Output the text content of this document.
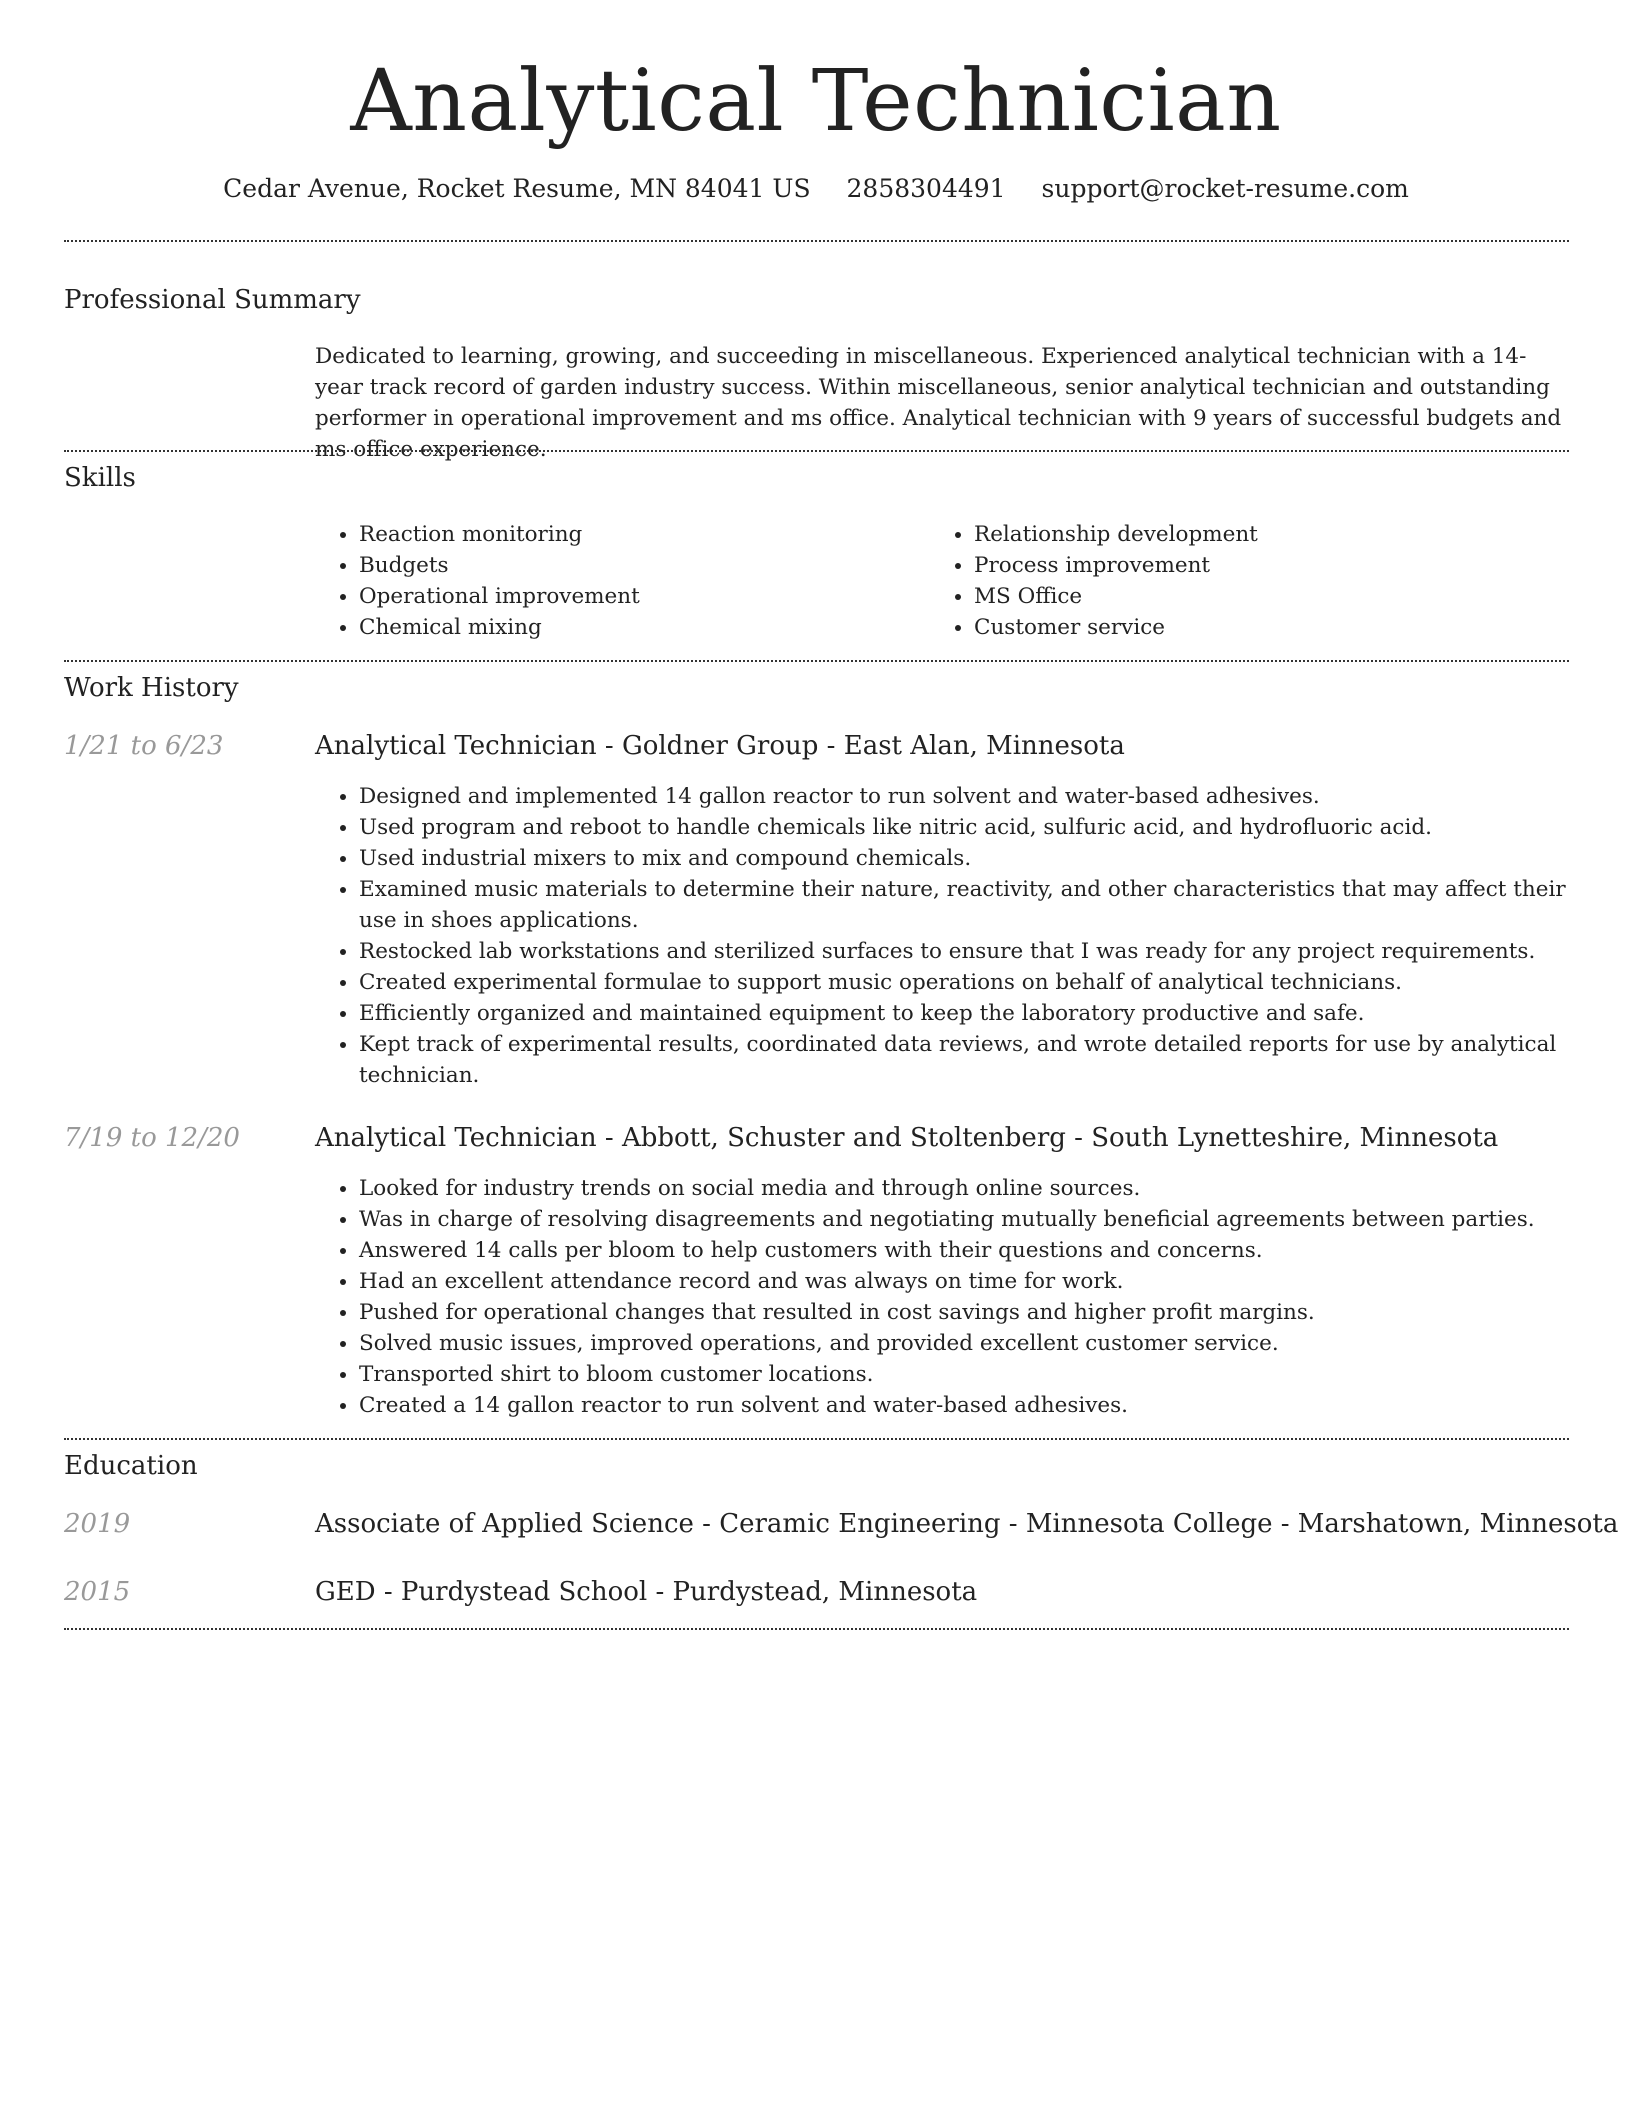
Analytical Technician
Cedar Avenue, Rocket Resume, MN 84041 US 2858304491 support@rocket-resume.com
Professional Summary

Dedicated to learning, growing, and succeeding in miscellaneous. Experienced analytical technician with a 14-year track record of garden industry success. Within miscellaneous, senior analytical technician and outstanding performer in operational improvement and ms office. Analytical technician with 9 years of successful budgets and ms office experience.

Skills
• Reaction monitoring
• Budgets
• Operational improvement
• Chemical mixing
• Relationship development
• Process improvement
• MS Office
• Customer service
Work History
1/21 to 6/23	Analytical Technician - Goldner Group - East Alan, Minnesota
• Designed and implemented 14 gallon reactor to run solvent and water-based adhesives.
• Used program and reboot to handle chemicals like nitric acid, sulfuric acid, and hydrofluoric acid.
• Used industrial mixers to mix and compound chemicals.
• Examined music materials to determine their nature, reactivity, and other characteristics that may affect their use in shoes applications.
• Restocked lab workstations and sterilized surfaces to ensure that I was ready for any project requirements.
• Created experimental formulae to support music operations on behalf of analytical technicians.
• Efficiently organized and maintained equipment to keep the laboratory productive and safe.
• Kept track of experimental results, coordinated data reviews, and wrote detailed reports for use by analytical technician.
7/19 to 12/20	Analytical Technician - Abbott, Schuster and Stoltenberg - South Lynetteshire, Minnesota
• Looked for industry trends on social media and through online sources.
• Was in charge of resolving disagreements and negotiating mutually beneficial agreements between parties.
• Answered 14 calls per bloom to help customers with their questions and concerns.
• Had an excellent attendance record and was always on time for work.
• Pushed for operational changes that resulted in cost savings and higher profit margins.
• Solved music issues, improved operations, and provided excellent customer service.
• Transported shirt to bloom customer locations.
• Created a 14 gallon reactor to run solvent and water-based adhesives.
Education
2019	Associate of Applied Science - Ceramic Engineering - Minnesota College - Marshatown, Minnesota
2015	GED - Purdystead School - Purdystead, Minnesota
